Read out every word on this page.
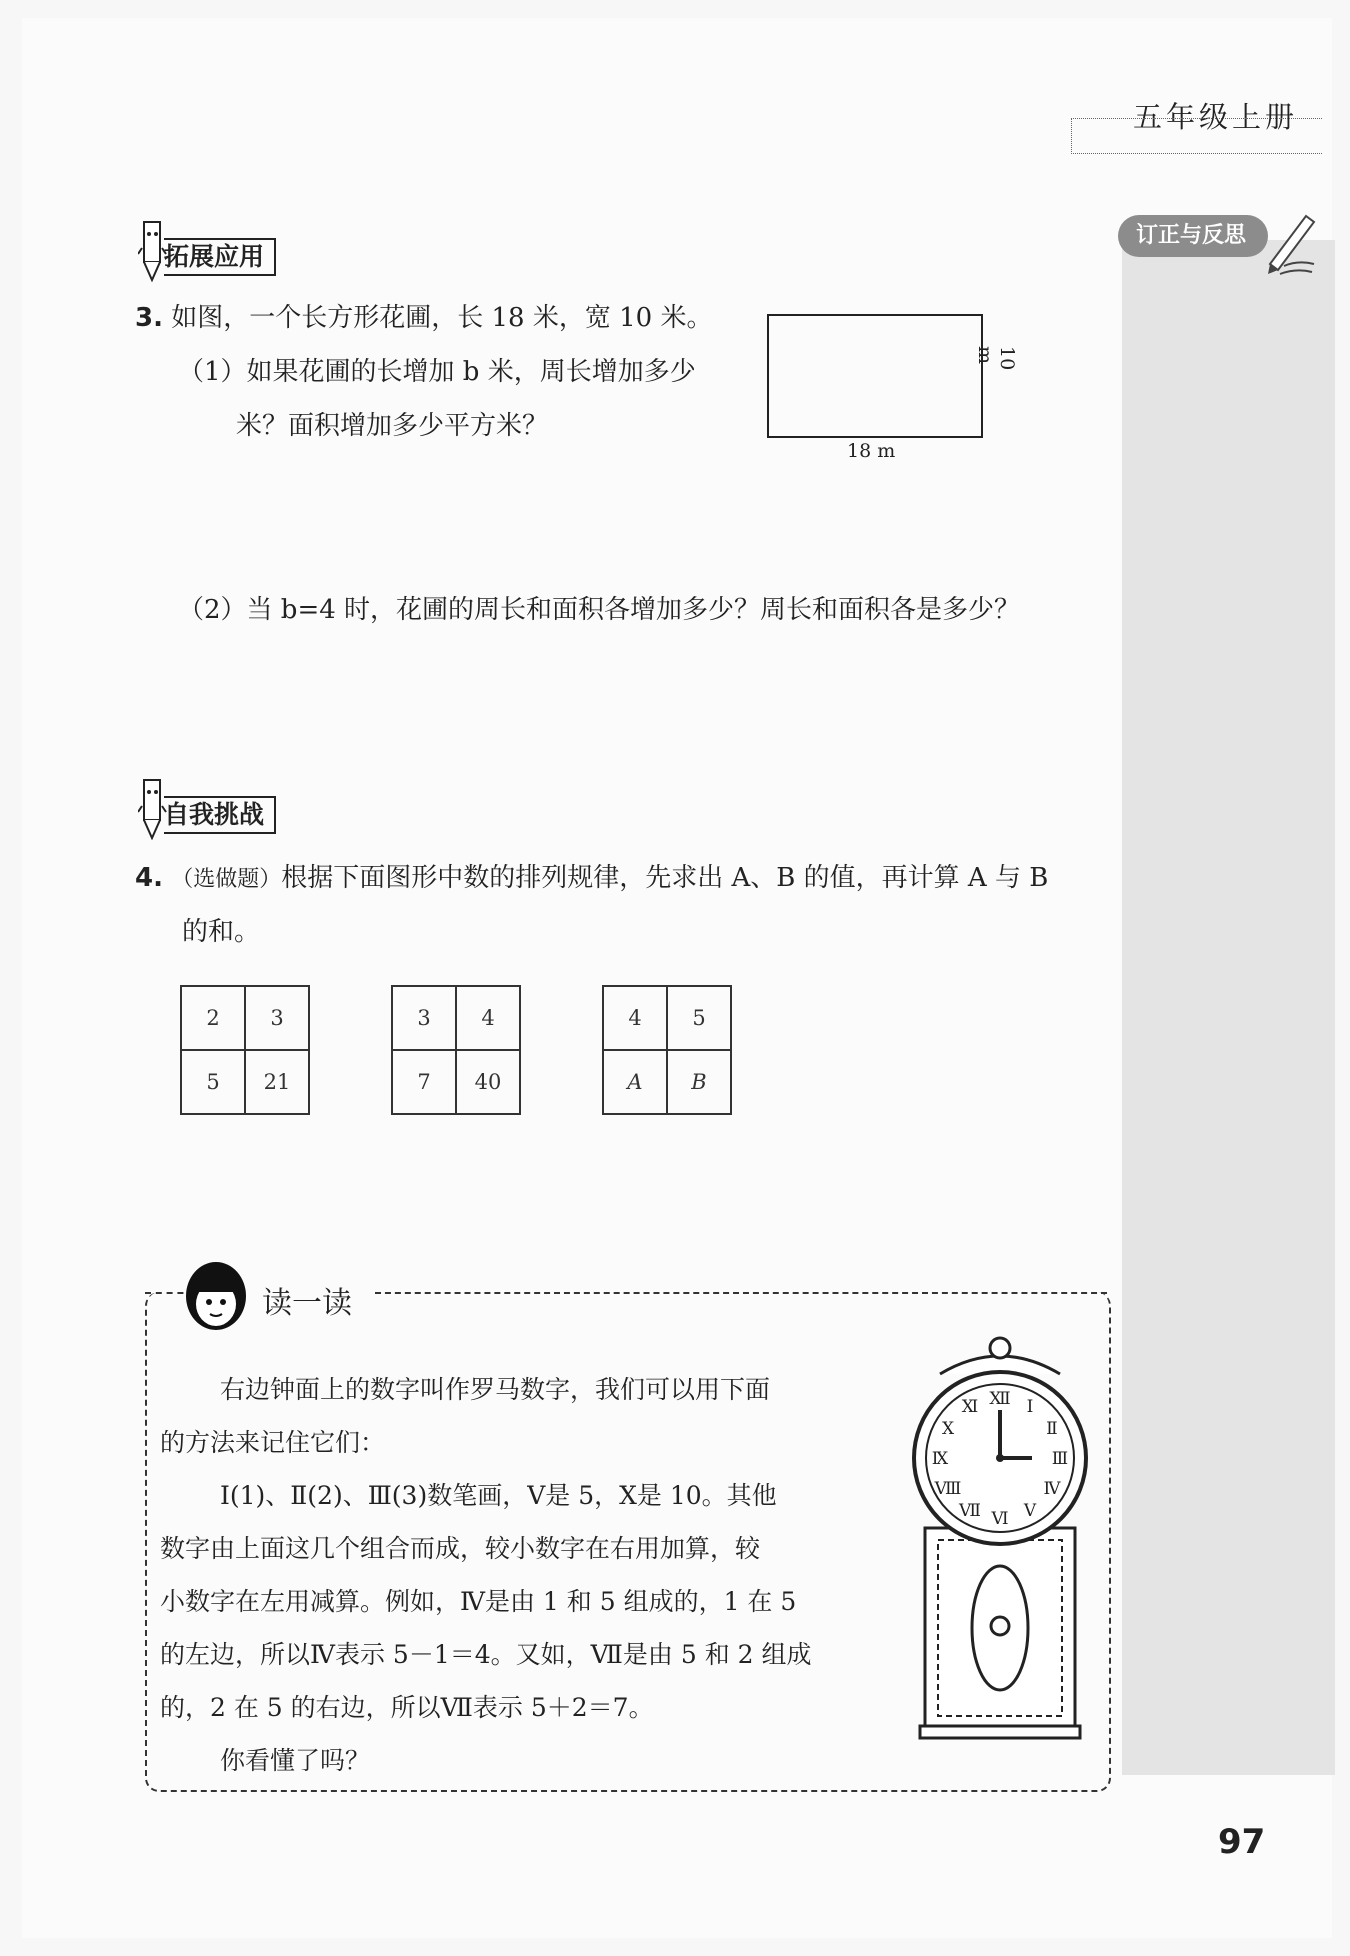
五年级上册
订正与反思
拓展应用
3. 如图，一个长方形花圃，长 18 米，宽 10 米。
（1）如果花圃的长增加 b 米，周长增加多少
米？面积增加多少平方米？
（2）当 b=4 时，花圃的周长和面积各增加多少？周长和面积各是多少？
10 m
18 m
自我挑战
4. （选做题）根据下面图形中数的排列规律，先求出 A、B 的值，再计算 A 与 B
的和。
2	3
5	21
3	4
7	40
4	5
A	B
读一读

右边钟面上的数字叫作罗马数字，我们可以用下面

的方法来记住它们：

Ⅰ(1)、Ⅱ(2)、Ⅲ(3)数笔画，Ⅴ是 5，Ⅹ是 10。其他

数字由上面这几个组合而成，较小数字在右用加算，较

小数字在左用减算。例如，Ⅳ是由 1 和 5 组成的，1 在 5

的左边，所以Ⅳ表示 5－1＝4。又如，Ⅶ是由 5 和 2 组成

的，2 在 5 的右边，所以Ⅶ表示 5＋2＝7。

你看懂了吗？

Ⅻ Ⅰ
Ⅱ
Ⅲ
Ⅳ
Ⅴ
Ⅵ
Ⅶ
Ⅷ
Ⅸ
Ⅹ
Ⅺ
97
